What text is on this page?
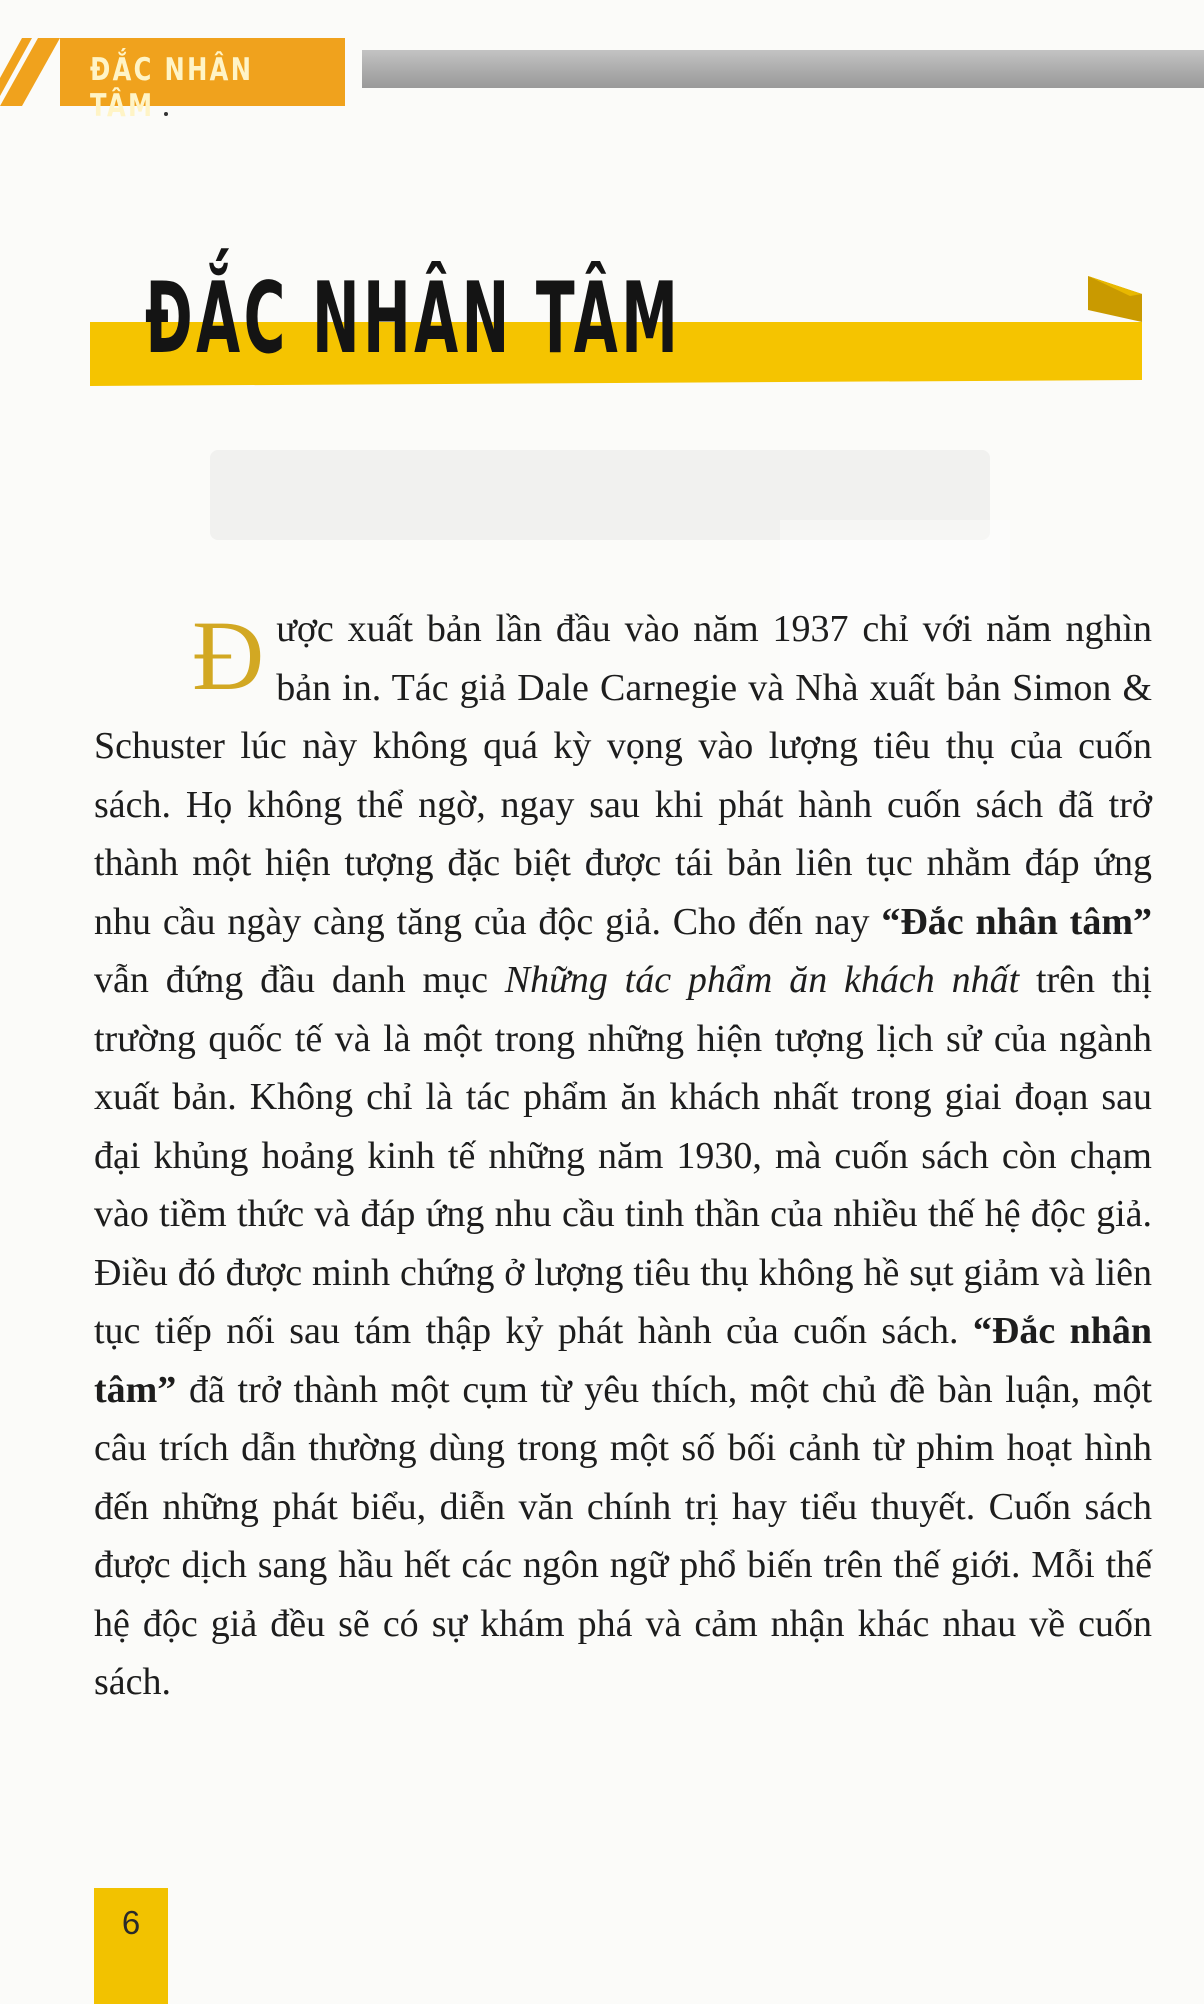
ĐẮC NHÂN TÂM
ĐẮC NHÂN TÂM
Đ ược xuất bản lần đầu vào năm 1937 chỉ với năm nghìn bản in. Tác giả Dale Carnegie và Nhà xuất bản Simon & Schuster lúc này không quá kỳ vọng vào lượng tiêu thụ của cuốn sách. Họ không thể ngờ, ngay sau khi phát hành cuốn sách đã trở thành một hiện tượng đặc biệt được tái bản liên tục nhằm đáp ứng nhu cầu ngày càng tăng của độc giả. Cho đến nay “Đắc nhân tâm” vẫn đứng đầu danh mục Những tác phẩm ăn khách nhất trên thị trường quốc tế và là một trong những hiện tượng lịch sử của ngành xuất bản. Không chỉ là tác phẩm ăn khách nhất trong giai đoạn sau đại khủng hoảng kinh tế những năm 1930, mà cuốn sách còn chạm vào tiềm thức và đáp ứng nhu cầu tinh thần của nhiều thế hệ độc giả. Điều đó được minh chứng ở lượng tiêu thụ không hề sụt giảm và liên tục tiếp nối sau tám thập kỷ phát hành của cuốn sách. “Đắc nhân tâm” đã trở thành một cụm từ yêu thích, một chủ đề bàn luận, một câu trích dẫn thường dùng trong một số bối cảnh từ phim hoạt hình đến những phát biểu, diễn văn chính trị hay tiểu thuyết. Cuốn sách được dịch sang hầu hết các ngôn ngữ phổ biến trên thế giới. Mỗi thế hệ độc giả đều sẽ có sự khám phá và cảm nhận khác nhau về cuốn sách.
6
